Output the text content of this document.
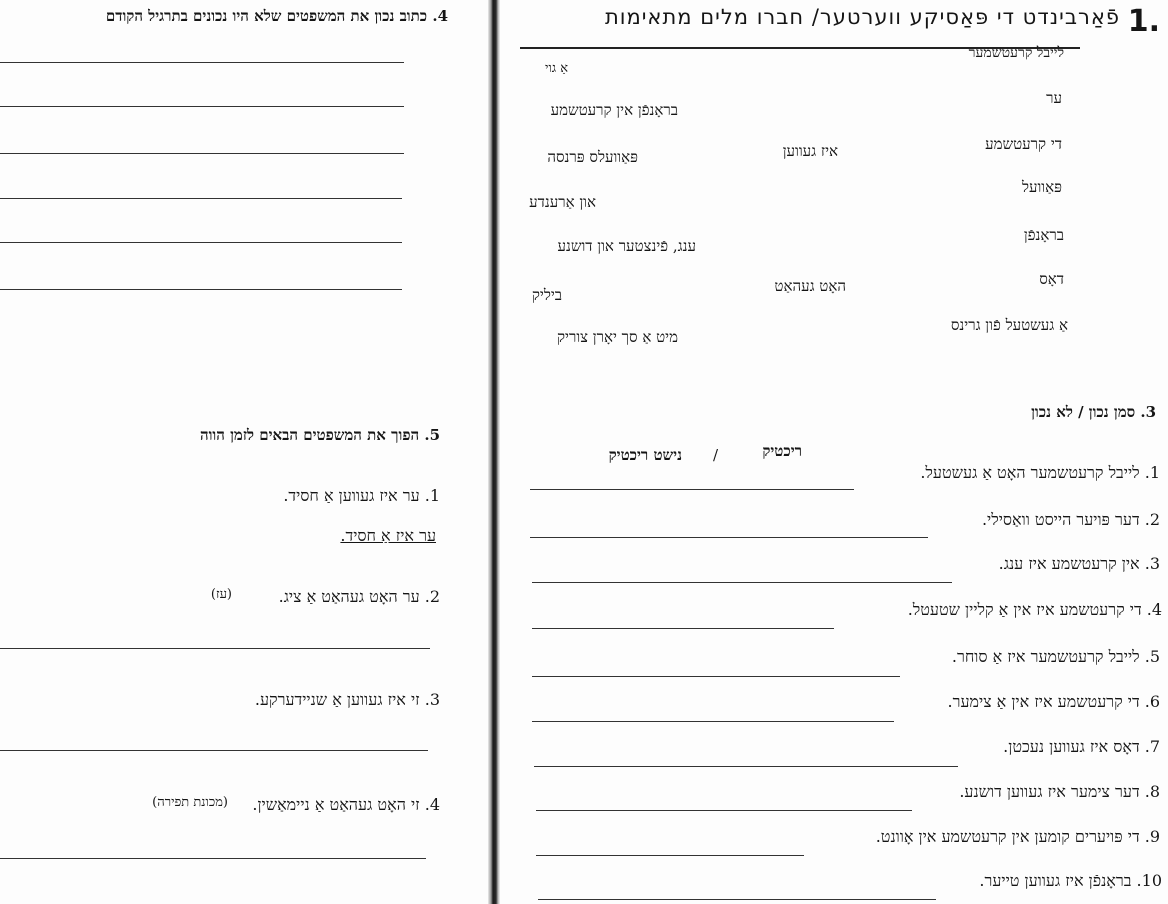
4. כתוב נכון את המשפטים שלא היו נכונים בתרגיל הקודם
5. הפוך את המשפטים הבאים לזמן הווה
1. ער איז געווען אַ חסיד.
ער איז אַ חסיד.
2. ער האָט געהאַט אַ ציג.
(עז)
3. זי איז געווען אַ שניידערקע.
4. זי האָט געהאַט אַ ניימאַשין.
(מכונת תפירה)
1.
פֿאַרבינדט די פּאַסיקע ווערטער/ חברו מלים מתאימות
לייבל קרעטשמער
ער
די קרעטשמע
פּאַוועל
בראָנפֿן
דאָס
אַ געשטעל פֿון גרינס
איז געווען
האָט געהאַט
אַ גוי
בראָנפֿן אין קרעטשמע
פּאַוועלס פּרנסה
און אַרענדע
ענג, פֿינצטער און דושנע
ביליק
מיט אַ סך יאָרן צוריק
3. סמן נכון / לא נכון
ריכטיק
/
נישט ריכטיק
1. לייבל קרעטשמער האָט אַ געשטעל.
2. דער פּויער הייסט וואַסילי.
3. אין קרעטשמע איז ענג.
4. די קרעטשמע איז אין אַ קליין שטעטל.
5. לייבל קרעטשמער איז אַ סוחר.
6. די קרעטשמע איז אין אַ צימער.
7. דאָס איז געווען נעכטן.
8. דער צימער איז געווען דושנע.
9. די פּויערים קומען אין קרעטשמע אין אָוונט.
10. בראָנפֿן איז געווען טייער.
